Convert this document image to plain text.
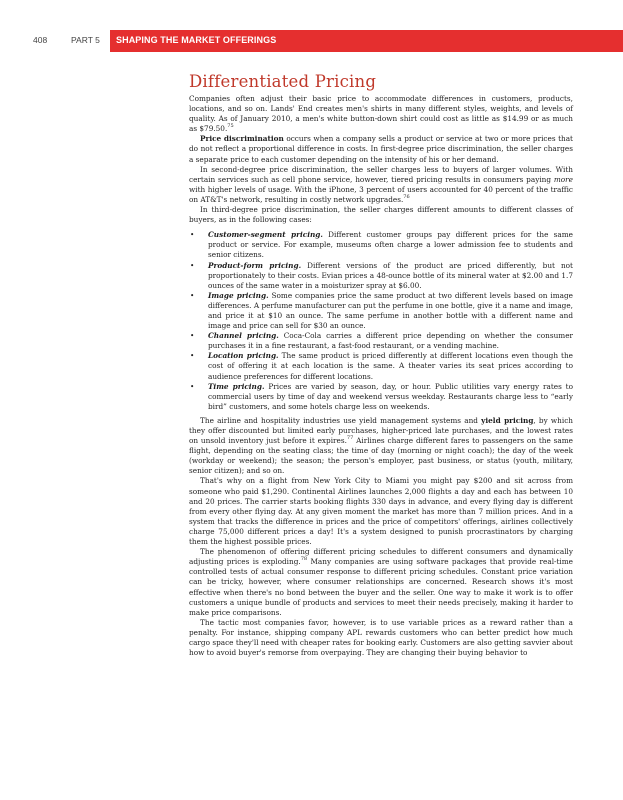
408	PART 5 SHAPING THE MARKET OFFERINGS
Differentiated Pricing

Companies often adjust their basic price to accommodate differences in customers, products, locations, and so on. Lands' End creates men's shirts in many different styles, weights, and levels of quality. As of January 2010, a men's white button-down shirt could cost as little as $14.99 or as much as $79.50.75

Price discrimination occurs when a company sells a product or service at two or more prices that do not reflect a proportional difference in costs. In first-degree price discrimination, the seller charges a separate price to each customer depending on the intensity of his or her demand.

In second-degree price discrimination, the seller charges less to buyers of larger volumes. With certain services such as cell phone service, however, tiered pricing results in consumers paying more with higher levels of usage. With the iPhone, 3 percent of users accounted for 40 percent of the traffic on AT&T's network, resulting in costly network upgrades.$^{76}$

In third-degree price discrimination, the seller charges different amounts to different classes of buyers, as in the following cases:

• Customer-segment pricing. Different customer groups pay different prices for the same product or service. For example, museums often charge a lower admission fee to students and senior citizens.
• Product-form pricing. Different versions of the product are priced differently, but not proportionately to their costs. Evian prices a 48-ounce bottle of its mineral water at $2.00 and 1.7 ounces of the same water in a moisturizer spray at $6.00.
• Image pricing. Some companies price the same product at two different levels based on image differences. A perfume manufacturer can put the perfume in one bottle, give it a name and image, and price it at $10 an ounce. The same perfume in another bottle with a different name and image and price can sell for $30 an ounce.
• Channel pricing. Coca-Cola carries a different price depending on whether the consumer purchases it in a fine restaurant, a fast-food restaurant, or a vending machine.
• Location pricing. The same product is priced differently at different locations even though the cost of offering it at each location is the same. A theater varies its seat prices according to audience preferences for different locations.
• Time pricing. Prices are varied by season, day, or hour. Public utilities vary energy rates to commercial users by time of day and weekend versus weekday. Restaurants charge less to “early bird” customers, and some hotels charge less on weekends.

The airline and hospitality industries use yield management systems and yield pricing, by which they offer discounted but limited early purchases, higher-priced late purchases, and the lowest rates on unsold inventory just before it expires.$^{77}$ Airlines charge different fares to passengers on the same flight, depending on the seating class; the time of day (morning or night coach); the day of the week (workday or weekend); the season; the person's employer, past business, or status (youth, military, senior citizen); and so on.

That's why on a flight from New York City to Miami you might pay $200 and sit across from someone who paid $1,290. Continental Airlines launches 2,000 flights a day and each has between 10 and 20 prices. The carrier starts booking flights 330 days in advance, and every flying day is different from every other flying day. At any given moment the market has more than 7 million prices. And in a system that tracks the difference in prices and the price of competitors' offerings, airlines collectively charge 75,000 different prices a day! It's a system designed to punish procrastinators by charging them the highest possible prices.

The phenomenon of offering different pricing schedules to different consumers and dynamically adjusting prices is exploding.$^{78}$ Many companies are using software packages that provide real-time controlled tests of actual consumer response to different pricing schedules. Constant price variation can be tricky, however, where consumer relationships are concerned. Research shows it's most effective when there's no bond between the buyer and the seller. One way to make it work is to offer customers a unique bundle of products and services to meet their needs precisely, making it harder to make price comparisons.

The tactic most companies favor, however, is to use variable prices as a reward rather than a penalty. For instance, shipping company APL rewards customers who can better predict how much cargo space they'll need with cheaper rates for booking early. Customers are also getting savvier about how to avoid buyer's remorse from overpaying. They are changing their buying behavior to
